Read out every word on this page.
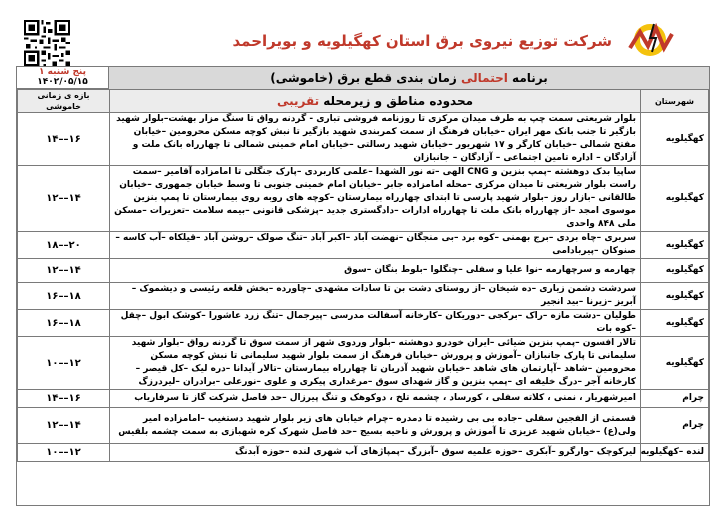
شرکت توزیع نیروی برق استان کهگیلویه و بویراحمد
برنامه احتمالی زمان بندی قطع برق (خاموشی)
پنج شنبه ۱
۱۴۰۲/۰۵/۱۵
شهرستان	محدوده مناطق و زیرمحله تقریبی	بازه ی زمانی خاموشی
کهگیلویه	بلوار شریعتی سمت چپ به طرف میدان مرکزی تا روزنامه فروشی تباری - گردنه رواق تا سنگ مزار بهشت–بلوار شهید بازگیر تا جنب بانک مهر ایران –خیابان فرهنگ از سمت کمربندی شهید بازگیر تا نبش کوچه مسکن محرومین –خیابان مفتح شمالی –خیابان کارگر و ۱۷ شهریور –خیابان شهید رسالتی –خیابان امام خمینی شمالی تا چهارراه بانک ملت و آزادگان – اداره تامین اجتماعی – آزادگان – جانبازان	۱۴––۱۶
کهگیلویه	ساپیا بدک دوهشته –پمپ بنزین و CNG الهی –ته نور الشهدا –علمی کاربردی –پارک جنگلی تا امامزاده آقامیر –سمت راست بلوار شریعتی تا میدان مرکزی –محله امامزاده جابر –خیابان امام خمینی جنوبی تا وسط خیابان جمهوری –خیابان طالقانی –بازار روز –بلوار شهید پارسی تا ابتدای چهارراه بیمارستان –کوچه های روبه روی بیمارستان تا پمپ بنزین موسوی امجد –از چهارراه بانک ملت تا چهارراه ادارات –دادگستری جدید –پزشکی قانونی –بیمه سلامت –تعزیرات –مسکن ملی ۸۴۸ واحدی	۱۲––۱۴
کهگیلویه	سربری –چاه بردی –برج بهمنی –کوه برد –بی منجگان –نهضت آباد –اکبر آباد –تنگ صولک –روشن آباد –قیلکاه –آب کاسه –صنوکان –پیربادامی	۱۸––۲۰
کهگیلویه	چهارمه و سرچهارمه –نوا علیا و سفلی –چنگلوا –بلوط بنگان –سوق	۱۲––۱۴
کهگیلویه	سردشت دشمن زیاری –ده شیخان –از روستای دشت بن تا سادات مشهدی –چاورده –بخش قلعه رئیسی و دیشموک –آبریز –زیرنا –بید انجیر	۱۶––۱۸
کهگیلویه	طولیان –دشت مازه –راک –برکجی –دوریکان –کارخانه آسفالت مدرسی –پیرجمال –تنگ زرد عاشورا –کوشک ابول –چقل –کوه بات	۱۶––۱۸
کهگیلویه	تالار افسون –پمپ بنزین ضیائی –ایران خودرو دوهشته –بلوار وردوی شهر از سمت سوق تا گردنه رواق –بلوار شهید سلیمانی تا پارک جانبازان –آموزش و پرورش –خیابان فرهنگ از سمت بلوار شهید سلیمانی تا نبش کوچه مسکن محرومین –شاهد –آپارتمان های شاهد –خیابان شهید آذربان تا چهارراه بیمارستان –تالار آیدانا –دره لیک –کل قیصر –کارخانه آجر –درگ خلیفه ای –پمپ بنزین و گاز شهدای سوق –مرغداری پیکری و علوی –نورعلی –برادران –لیردرزگ	۱۰––۱۲
چرام	امیرشهریار ، نمنی ، کلاته سفلی ، کورساد ، چشمه تلخ ، دوکوهک و تنگ پیرزال –حد فاصل شرکت گاز تا سرفاریاب	۱۴––۱۶
چرام	قسمتی از الفجین سفلی –جاده بی بی رشیده تا دمدره –چرام خیابان های زیر بلوار شهید دستغیب –امامزاده امیر ولی(ع) –خیابان شهید عزیزی تا آموزش و پرورش و ناحیه بسیج –حد فاصل شهرک کره شهبازی به سمت چشمه بلقیس	۱۲––۱۴
لنده –کهگیلویه	لیرکوچک –وارگرو –آبکری –حوزه علمیه سوق –آبزرگ –پمپاژهای آب شهری لنده –حوزه آبدنگ	۱۰––۱۲
